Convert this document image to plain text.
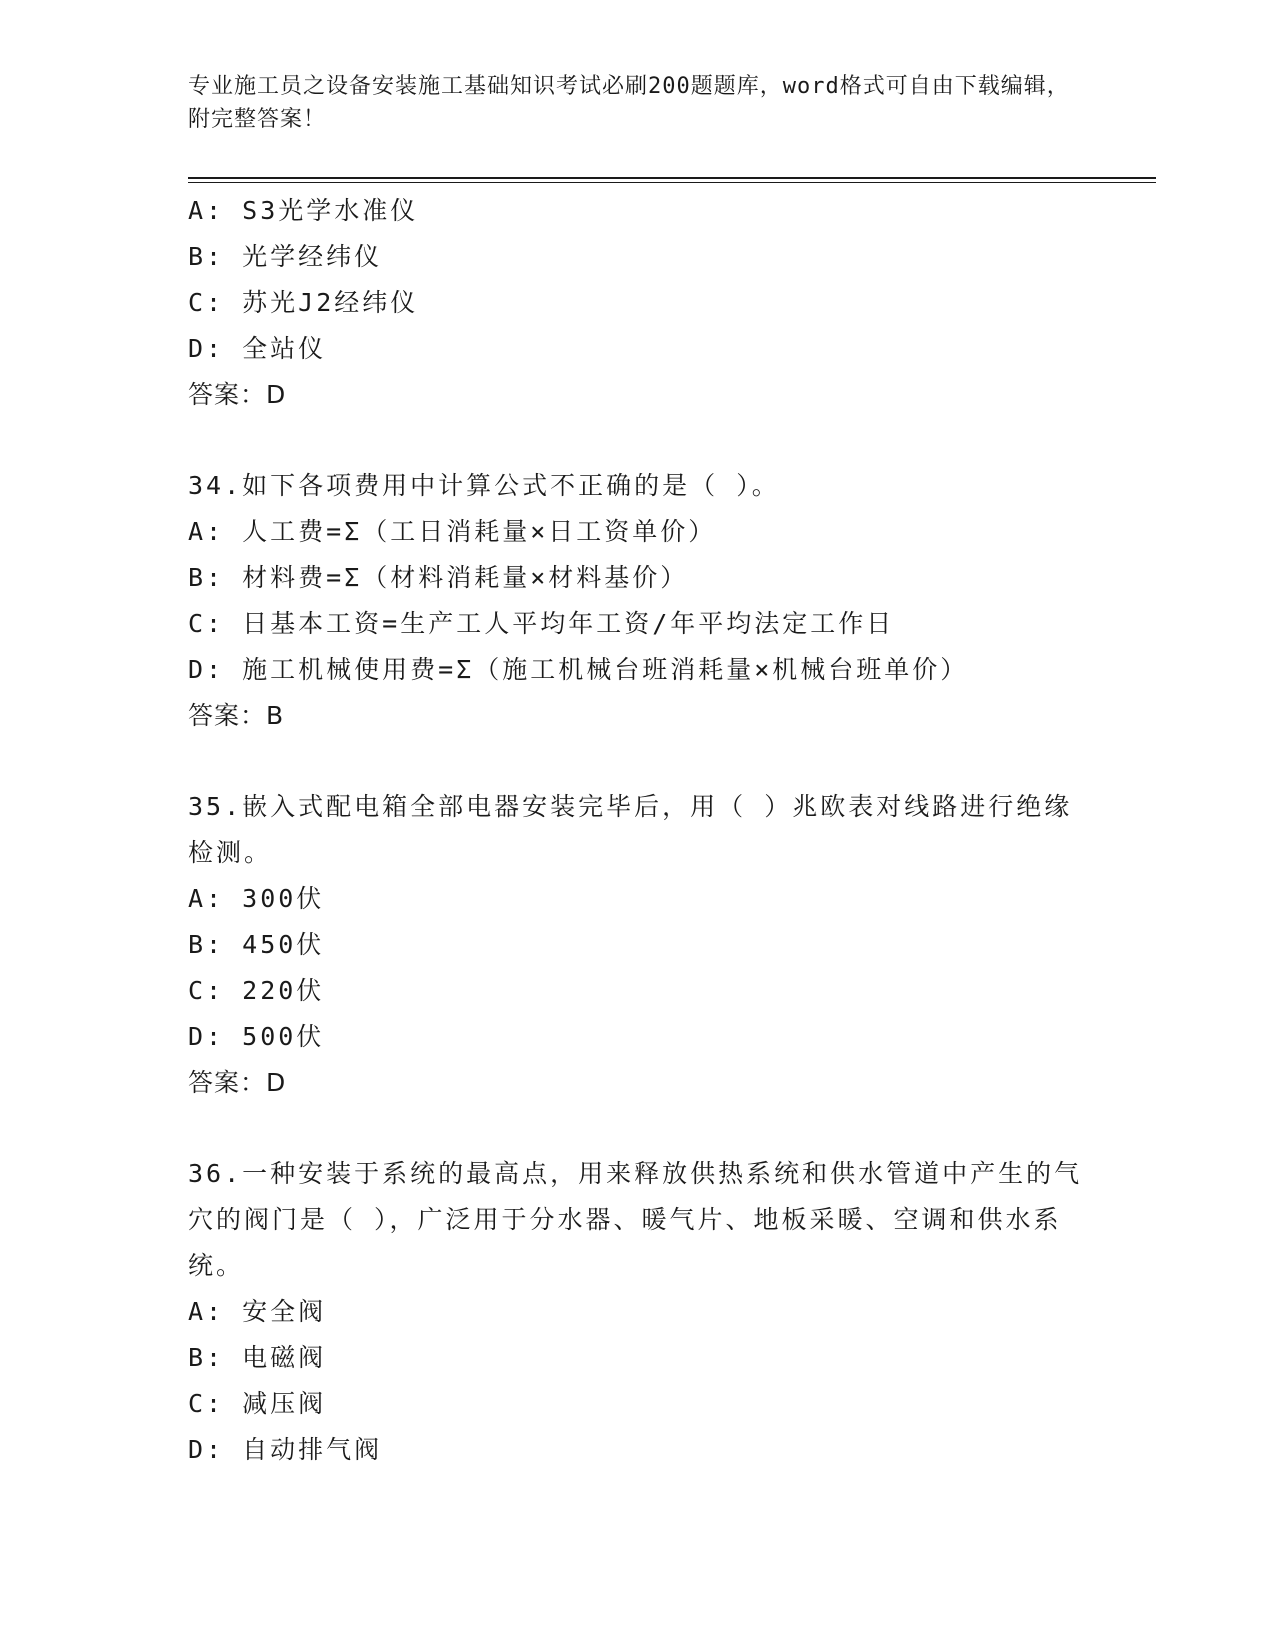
专业施工员之设备安装施工基础知识考试必刷200题题库，word格式可自由下载编辑，附完整答案！
A: S3光学水准仪
B: 光学经纬仪
C: 苏光J2经纬仪
D: 全站仪
答案：D
34.如下各项费用中计算公式不正确的是（ ）。
A: 人工费=Σ（工日消耗量×日工资单价）
B: 材料费=Σ（材料消耗量×材料基价）
C: 日基本工资=生产工人平均年工资/年平均法定工作日
D: 施工机械使用费=Σ（施工机械台班消耗量×机械台班单价）
答案：B
35.嵌入式配电箱全部电器安装完毕后，用（ ）兆欧表对线路进行绝缘检测。
A: 300伏
B: 450伏
C: 220伏
D: 500伏
答案：D
36.一种安装于系统的最高点，用来释放供热系统和供水管道中产生的气穴的阀门是（ ），广泛用于分水器、暖气片、地板采暖、空调和供水系统。
A: 安全阀
B: 电磁阀
C: 减压阀
D: 自动排气阀
